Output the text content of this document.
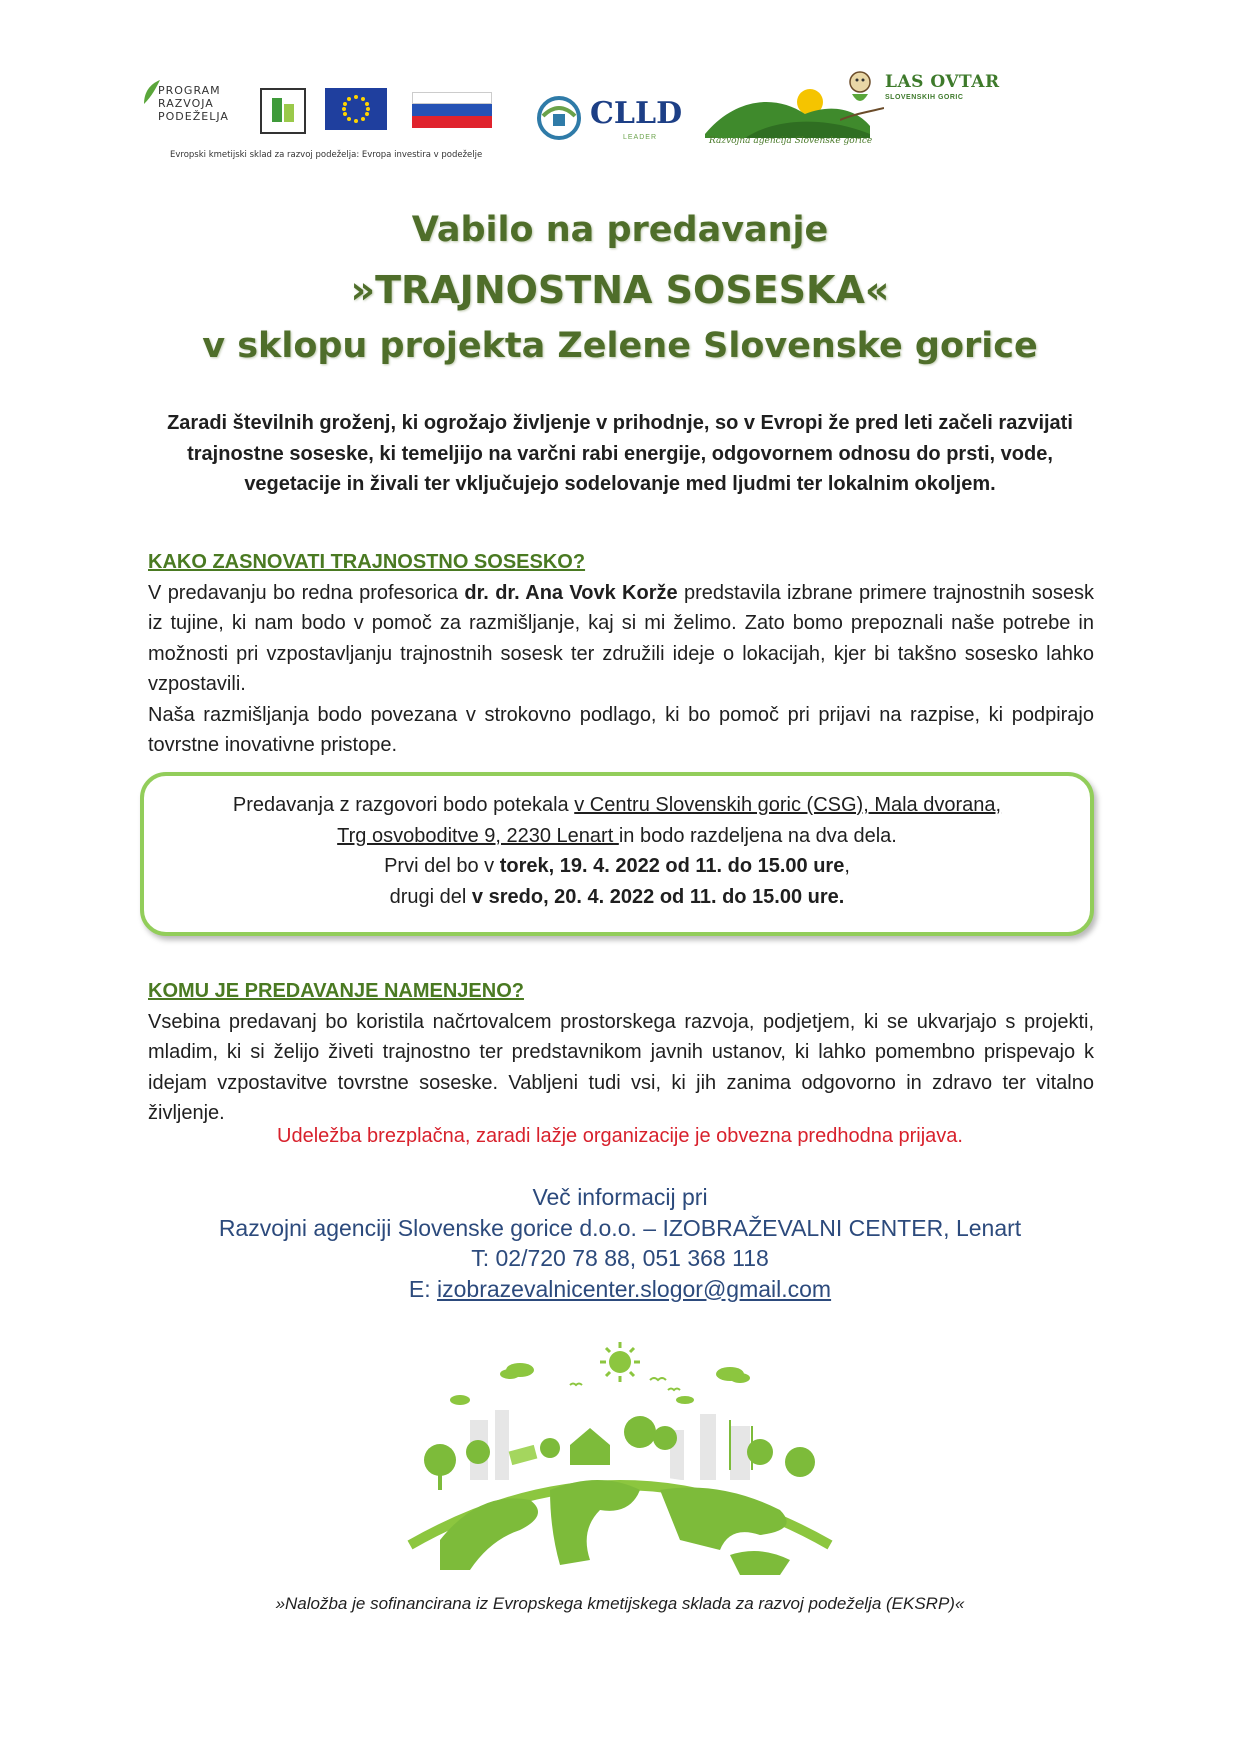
PROGRAM
RAZVOJA
PODEŽELJA
Evropski kmetijski sklad za razvoj podeželja: Evropa investira v podeželje
CLLD
LEADER	Razvojna agencija Slovenske gorice
LAS OVTAR
SLOVENSKIH GORIC
Vabilo na predavanje
»TRAJNOSTNA SOSESKA«
v sklopu projekta Zelene Slovenske gorice
Zaradi številnih groženj, ki ogrožajo življenje v prihodnje, so v Evropi že pred leti začeli razvijati trajnostne soseske, ki temeljijo na varčni rabi energije, odgovornem odnosu do prsti, vode, vegetacije in živali ter vključujejo sodelovanje med ljudmi ter lokalnim okoljem.
KAKO ZASNOVATI TRAJNOSTNO SOSESKO?
V predavanju bo redna profesorica dr. dr. Ana Vovk Korže predstavila izbrane primere trajnostnih sosesk iz tujine, ki nam bodo v pomoč za razmišljanje, kaj si mi želimo. Zato bomo prepoznali naše potrebe in možnosti pri vzpostavljanju trajnostnih sosesk ter združili ideje o lokacijah, kjer bi takšno sosesko lahko vzpostavili.
Naša razmišljanja bodo povezana v strokovno podlago, ki bo pomoč pri prijavi na razpise, ki podpirajo tovrstne inovativne pristope.
Predavanja z razgovori bodo potekala v Centru Slovenskih goric (CSG), Mala dvorana,
Trg osvoboditve 9, 2230 Lenart in bodo razdeljena na dva dela.
Prvi del bo v torek, 19. 4. 2022 od 11. do 15.00 ure,
drugi del v sredo, 20. 4. 2022 od 11. do 15.00 ure.
KOMU JE PREDAVANJE NAMENJENO?
Vsebina predavanj bo koristila načrtovalcem prostorskega razvoja, podjetjem, ki se ukvarjajo s projekti, mladim, ki si želijo živeti trajnostno ter predstavnikom javnih ustanov, ki lahko pomembno prispevajo k idejam vzpostavitve tovrstne soseske. Vabljeni tudi vsi, ki jih zanima odgovorno in zdravo ter vitalno življenje.
Udeležba brezplačna, zaradi lažje organizacije je obvezna predhodna prijava.
Več informacij pri
Razvojni agenciji Slovenske gorice d.o.o. – IZOBRAŽEVALNI CENTER, Lenart
T: 02/720 78 88, 051 368 118
E: izobrazevalnicenter.slogor@gmail.com
»Naložba je sofinancirana iz Evropskega kmetijskega sklada za razvoj podeželja (EKSRP)«
